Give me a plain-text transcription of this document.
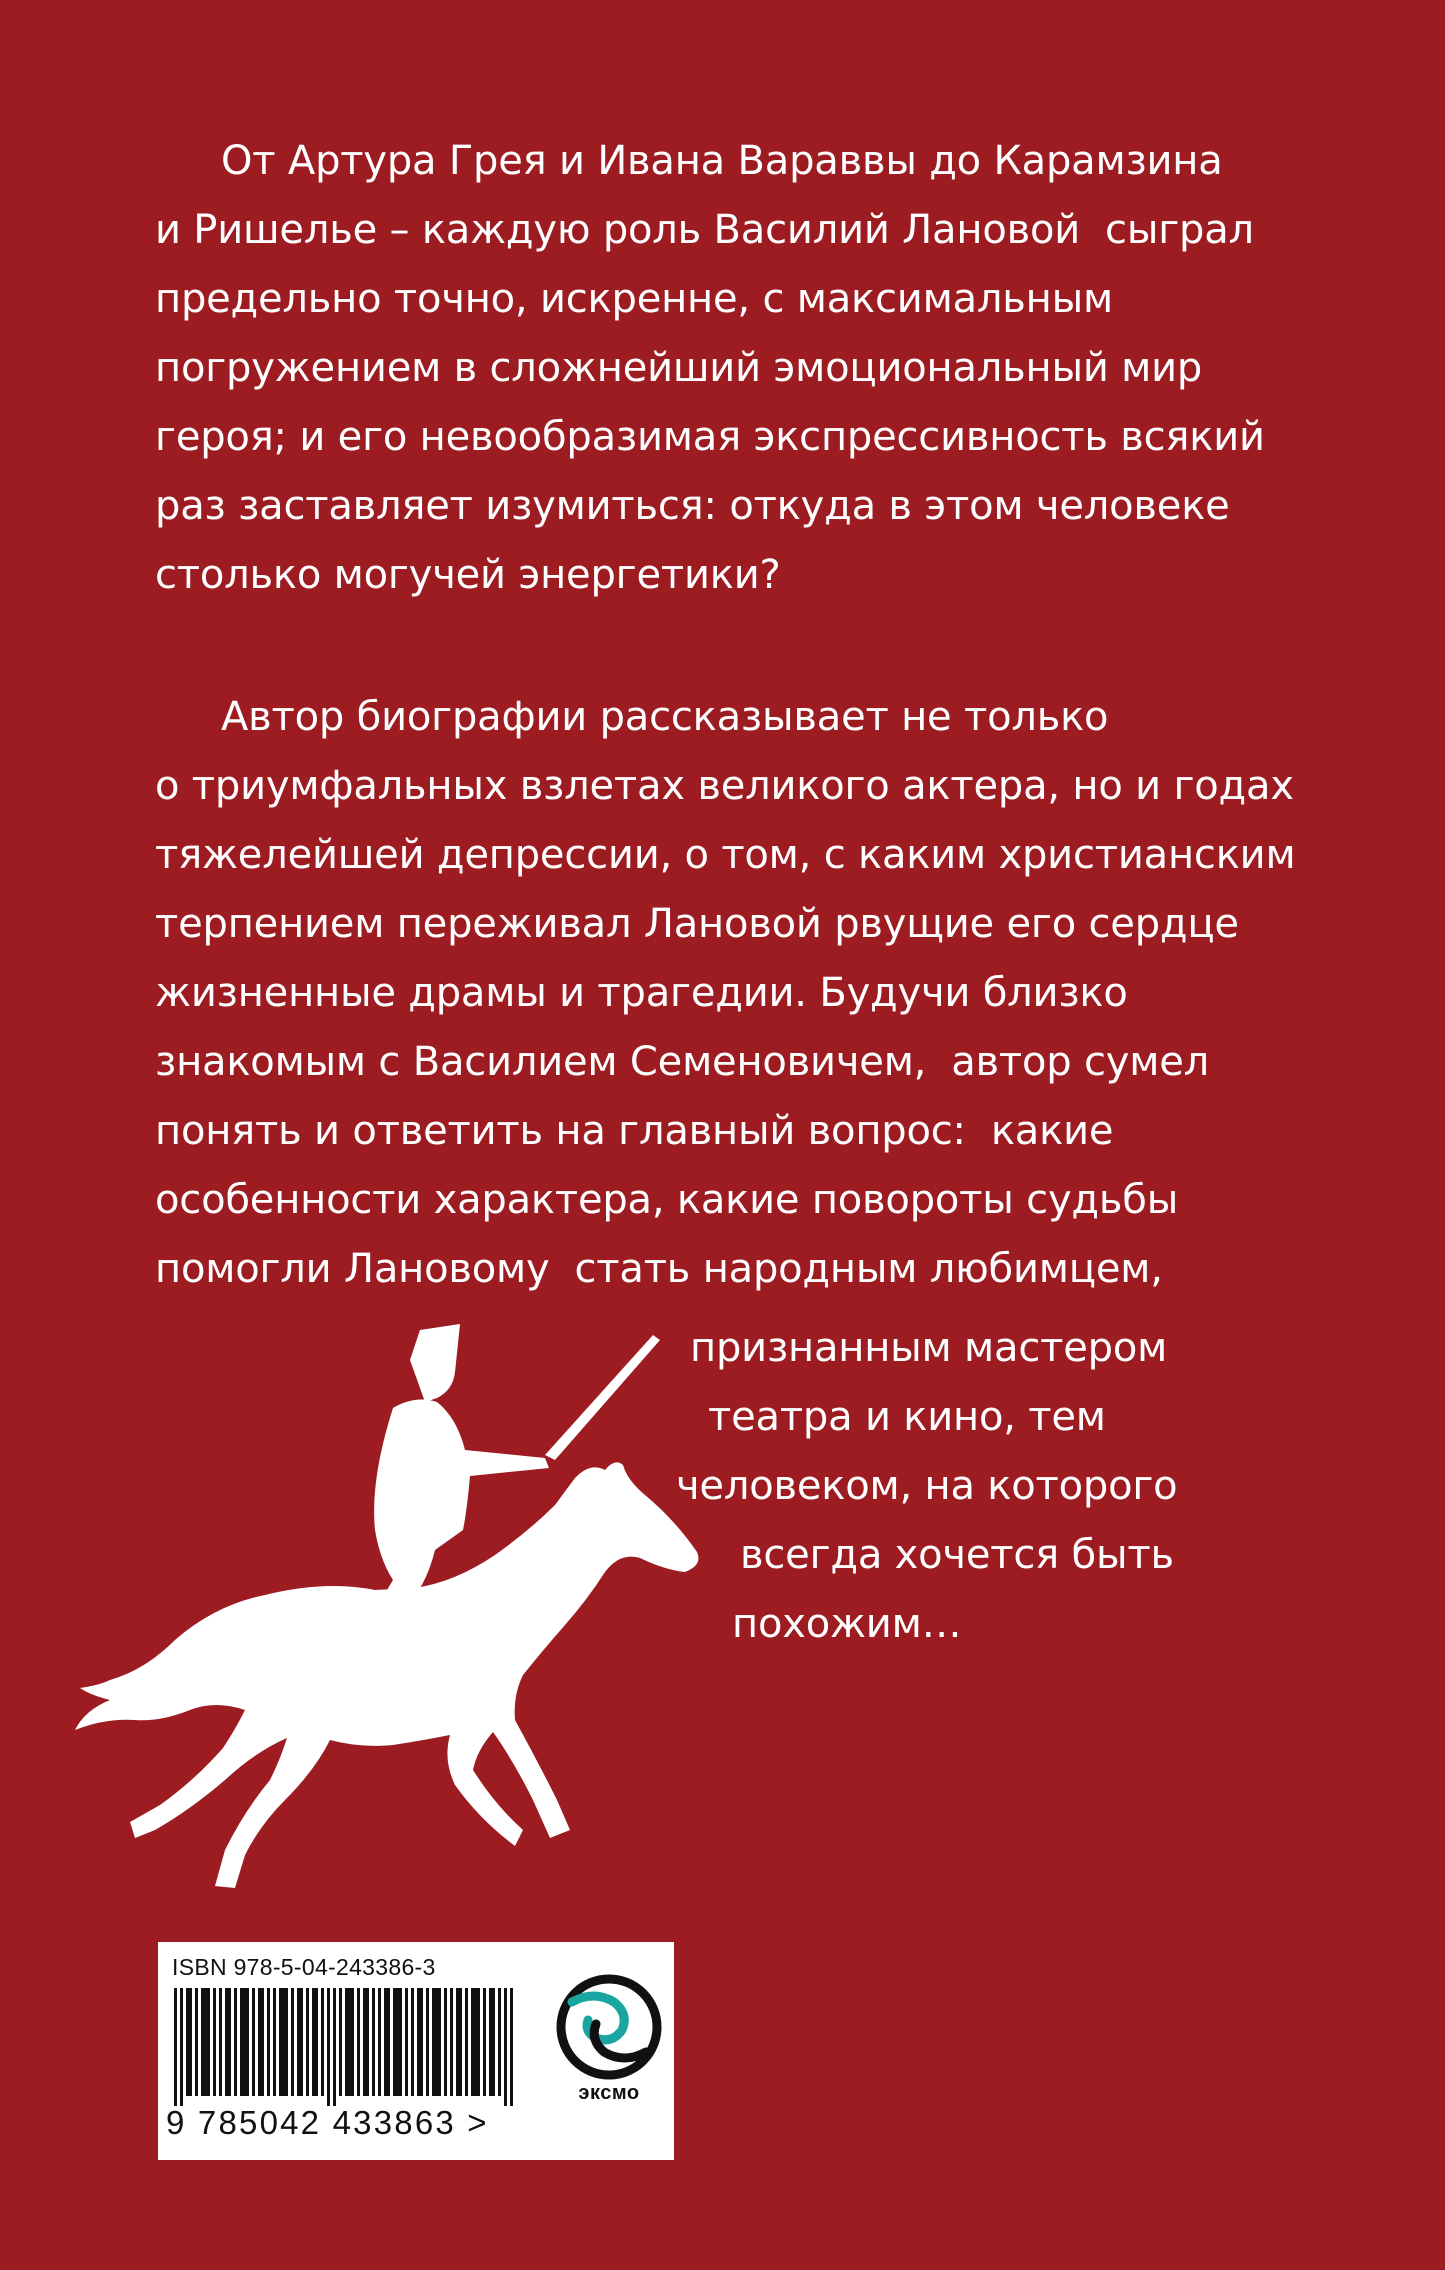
От Артура Грея и Ивана Вараввы до Карамзина
и Ришелье – каждую роль Василий Лановой  сыграл
предельно точно, искренне, с максимальным
погружением в сложнейший эмоциональный мир
героя; и его невообразимая экспрессивность всякий
раз заставляет изумиться: откуда в этом человеке
столько могучей энергетики?
Автор биографии рассказывает не только
о триумфальных взлетах великого актера, но и годах
тяжелейшей депрессии, о том, с каким христианским
терпением переживал Лановой рвущие его сердце
жизненные драмы и трагедии. Будучи близко
знакомым с Василием Семеновичем,  автор сумел
понять и ответить на главный вопрос:  какие
особенности характера, какие повороты судьбы
помогли Лановому  стать народным любимцем,
признанным мастером
театра и кино, тем
человеком, на которого
всегда хочется быть
похожим…
ISBN 978-5-04-243386-3
9 785042 433863 >
эксмо
